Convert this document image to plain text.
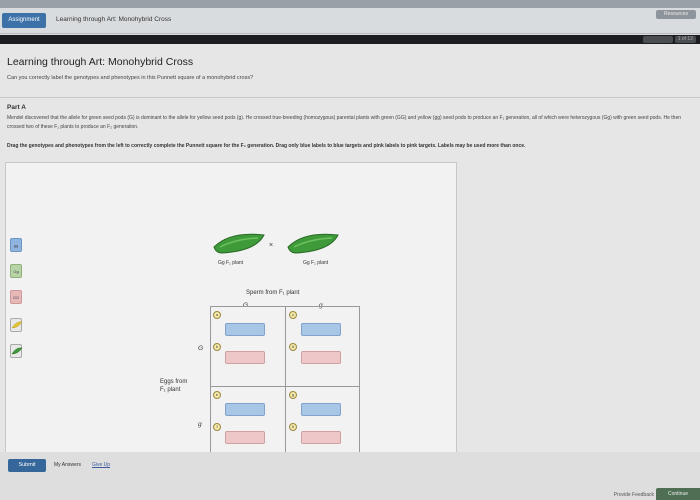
Assignment	Learning through Art: Monohybrid Cross
Resources
1 of 12
Learning through Art: Monohybrid Cross
Can you correctly label the genotypes and phenotypes in this Punnett square of a monohybrid cross?
Part A
Mendel discovered that the allele for green seed pods (G) is dominant to the allele for yellow seed pods (g). He crossed true-breeding (homozygous) parental plants with green (GG) and yellow (gg) seed pods to produce an F₁ generation, all of which were heterozygous (Gg) with green seed pods. He then crossed two of these F₁ plants to produce an F₂ generation.
Drag the genotypes and phenotypes from the left to correctly complete the Punnett square for the F₂ generation. Drag only blue labels to blue targets and pink labels to pink targets. Labels may be used more than once.
gg
Gg
GG
×
Gg F₁ plant	Gg F₁ plant
Sperm from F₁ plant
G	g
Eggs from
F₁ plant
G
g
a
b
c
d
e
f
g
h
Submit	My Answers Give Up
Provide Feedback	Continue
